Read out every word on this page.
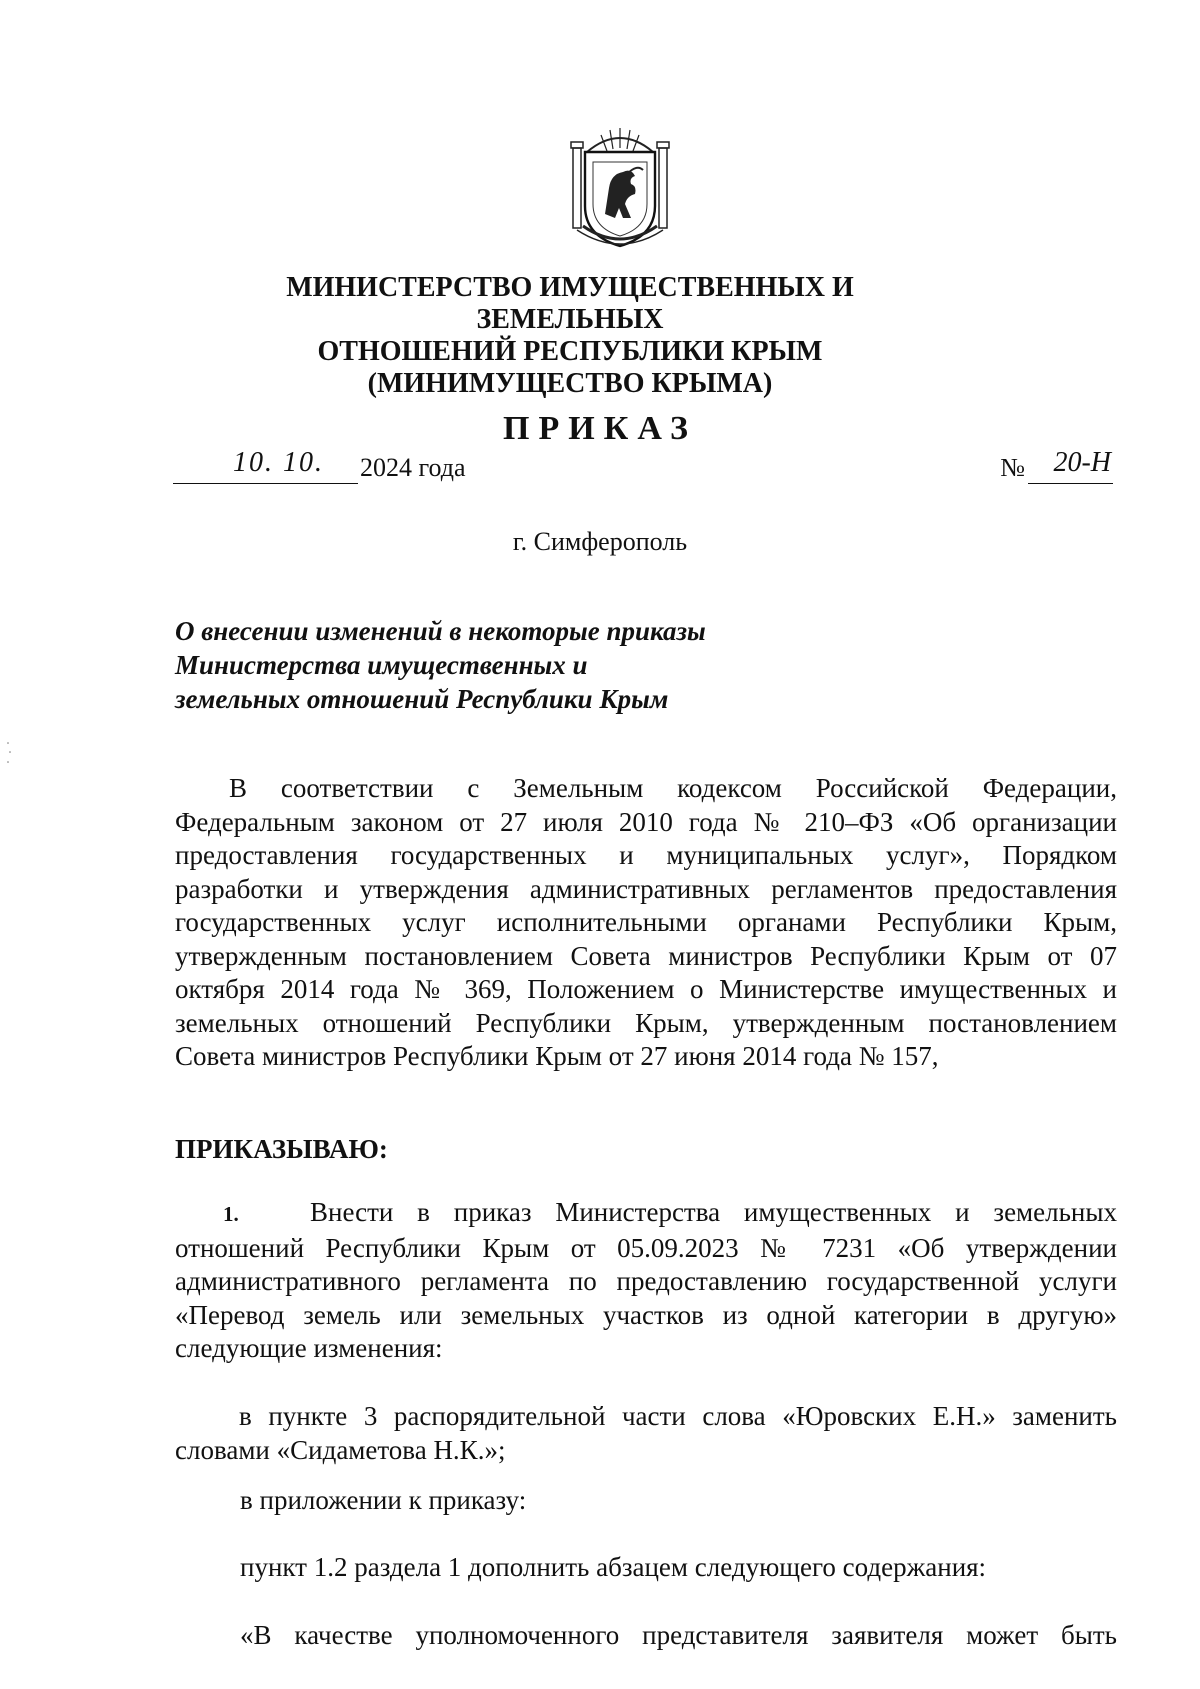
МИНИСТЕРСТВО ИМУЩЕСТВЕННЫХ И ЗЕМЕЛЬНЫХ
ОТНОШЕНИЙ РЕСПУБЛИКИ КРЫМ
(МИНИМУЩЕСТВО КРЫМА)
ПРИКАЗ
10. 10. 2024 года	№ 20-Н
г. Симферополь
О внесении изменений в некоторые приказы
Министерства имущественных и
земельных отношений Республики Крым
В соответствии с Земельным кодексом Российской Федерации, Федеральным законом от 27 июля 2010 года № 210–ФЗ «Об организации предоставления государственных и муниципальных услуг», Порядком разработки и утверждения административных регламентов предоставления государственных услуг исполнительными органами Республики Крым, утвержденным постановлением Совета министров Республики Крым от 07 октября 2014 года № 369, Положением о Министерстве имущественных и земельных отношений Республики Крым, утвержденным постановлением Совета министров Республики Крым от 27 июня 2014 года № 157,
ПРИКАЗЫВАЮ:
1.	Внести в приказ Министерства имущественных и земельных отношений Республики Крым от 05.09.2023 № 7231 «Об утверждении административного регламента по предоставлению государственной услуги «Перевод земель или земельных участков из одной категории в другую» следующие изменения:
в пункте 3 распорядительной части слова «Юровских Е.Н.» заменить словами «Сидаметова Н.К.»;
в приложении к приказу:
пункт 1.2 раздела 1 дополнить абзацем следующего содержания:
«В качестве уполномоченного представителя заявителя может быть
